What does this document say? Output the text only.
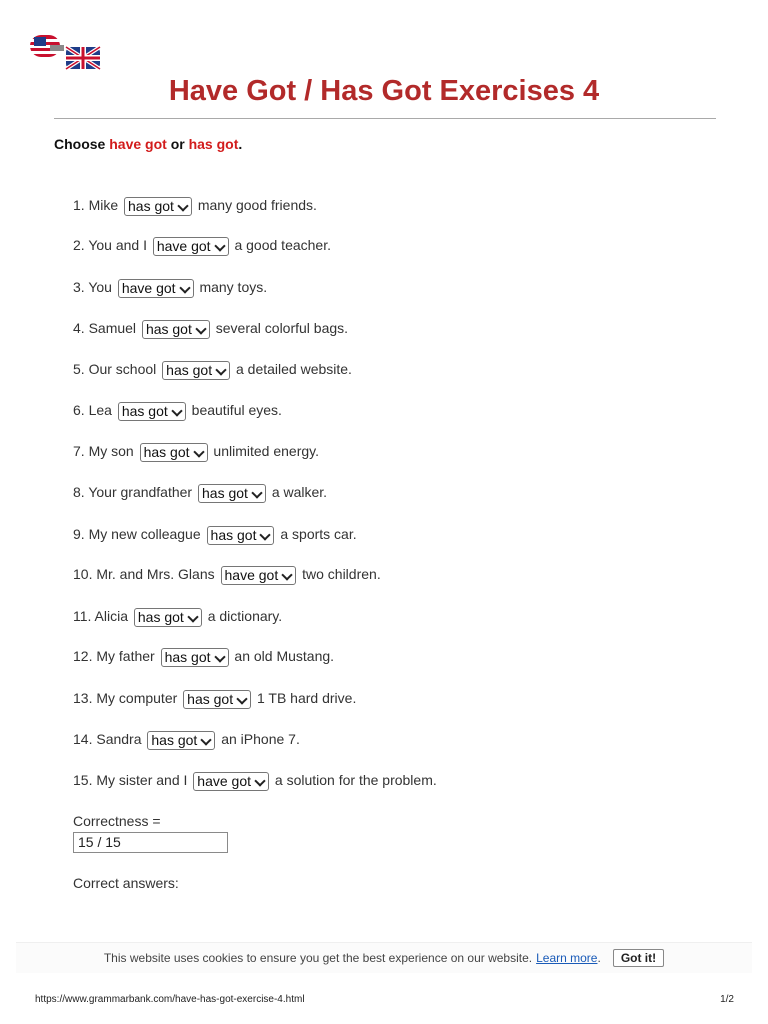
Have Got / Has Got Exercises 4
Choose have got or has got.
1. Mike has got many good friends.
2. You and I have got a good teacher.
3. You have got many toys.
4. Samuel has got several colorful bags.
5. Our school has got a detailed website.
6. Lea has got beautiful eyes.
7. My son has got unlimited energy.
8. Your grandfather has got a walker.
9. My new colleague has got a sports car.
10. Mr. and Mrs. Glans have got two children.
11. Alicia has got a dictionary.
12. My father has got an old Mustang.
13. My computer has got 1 TB hard drive.
14. Sandra has got an iPhone 7.
15. My sister and I have got a solution for the problem.
Correctness =
15 / 15
Correct answers:
This website uses cookies to ensure you get the best experience on our website. Learn more .	Got it!
https://www.grammarbank.com/have-has-got-exercise-4.html	1/2
